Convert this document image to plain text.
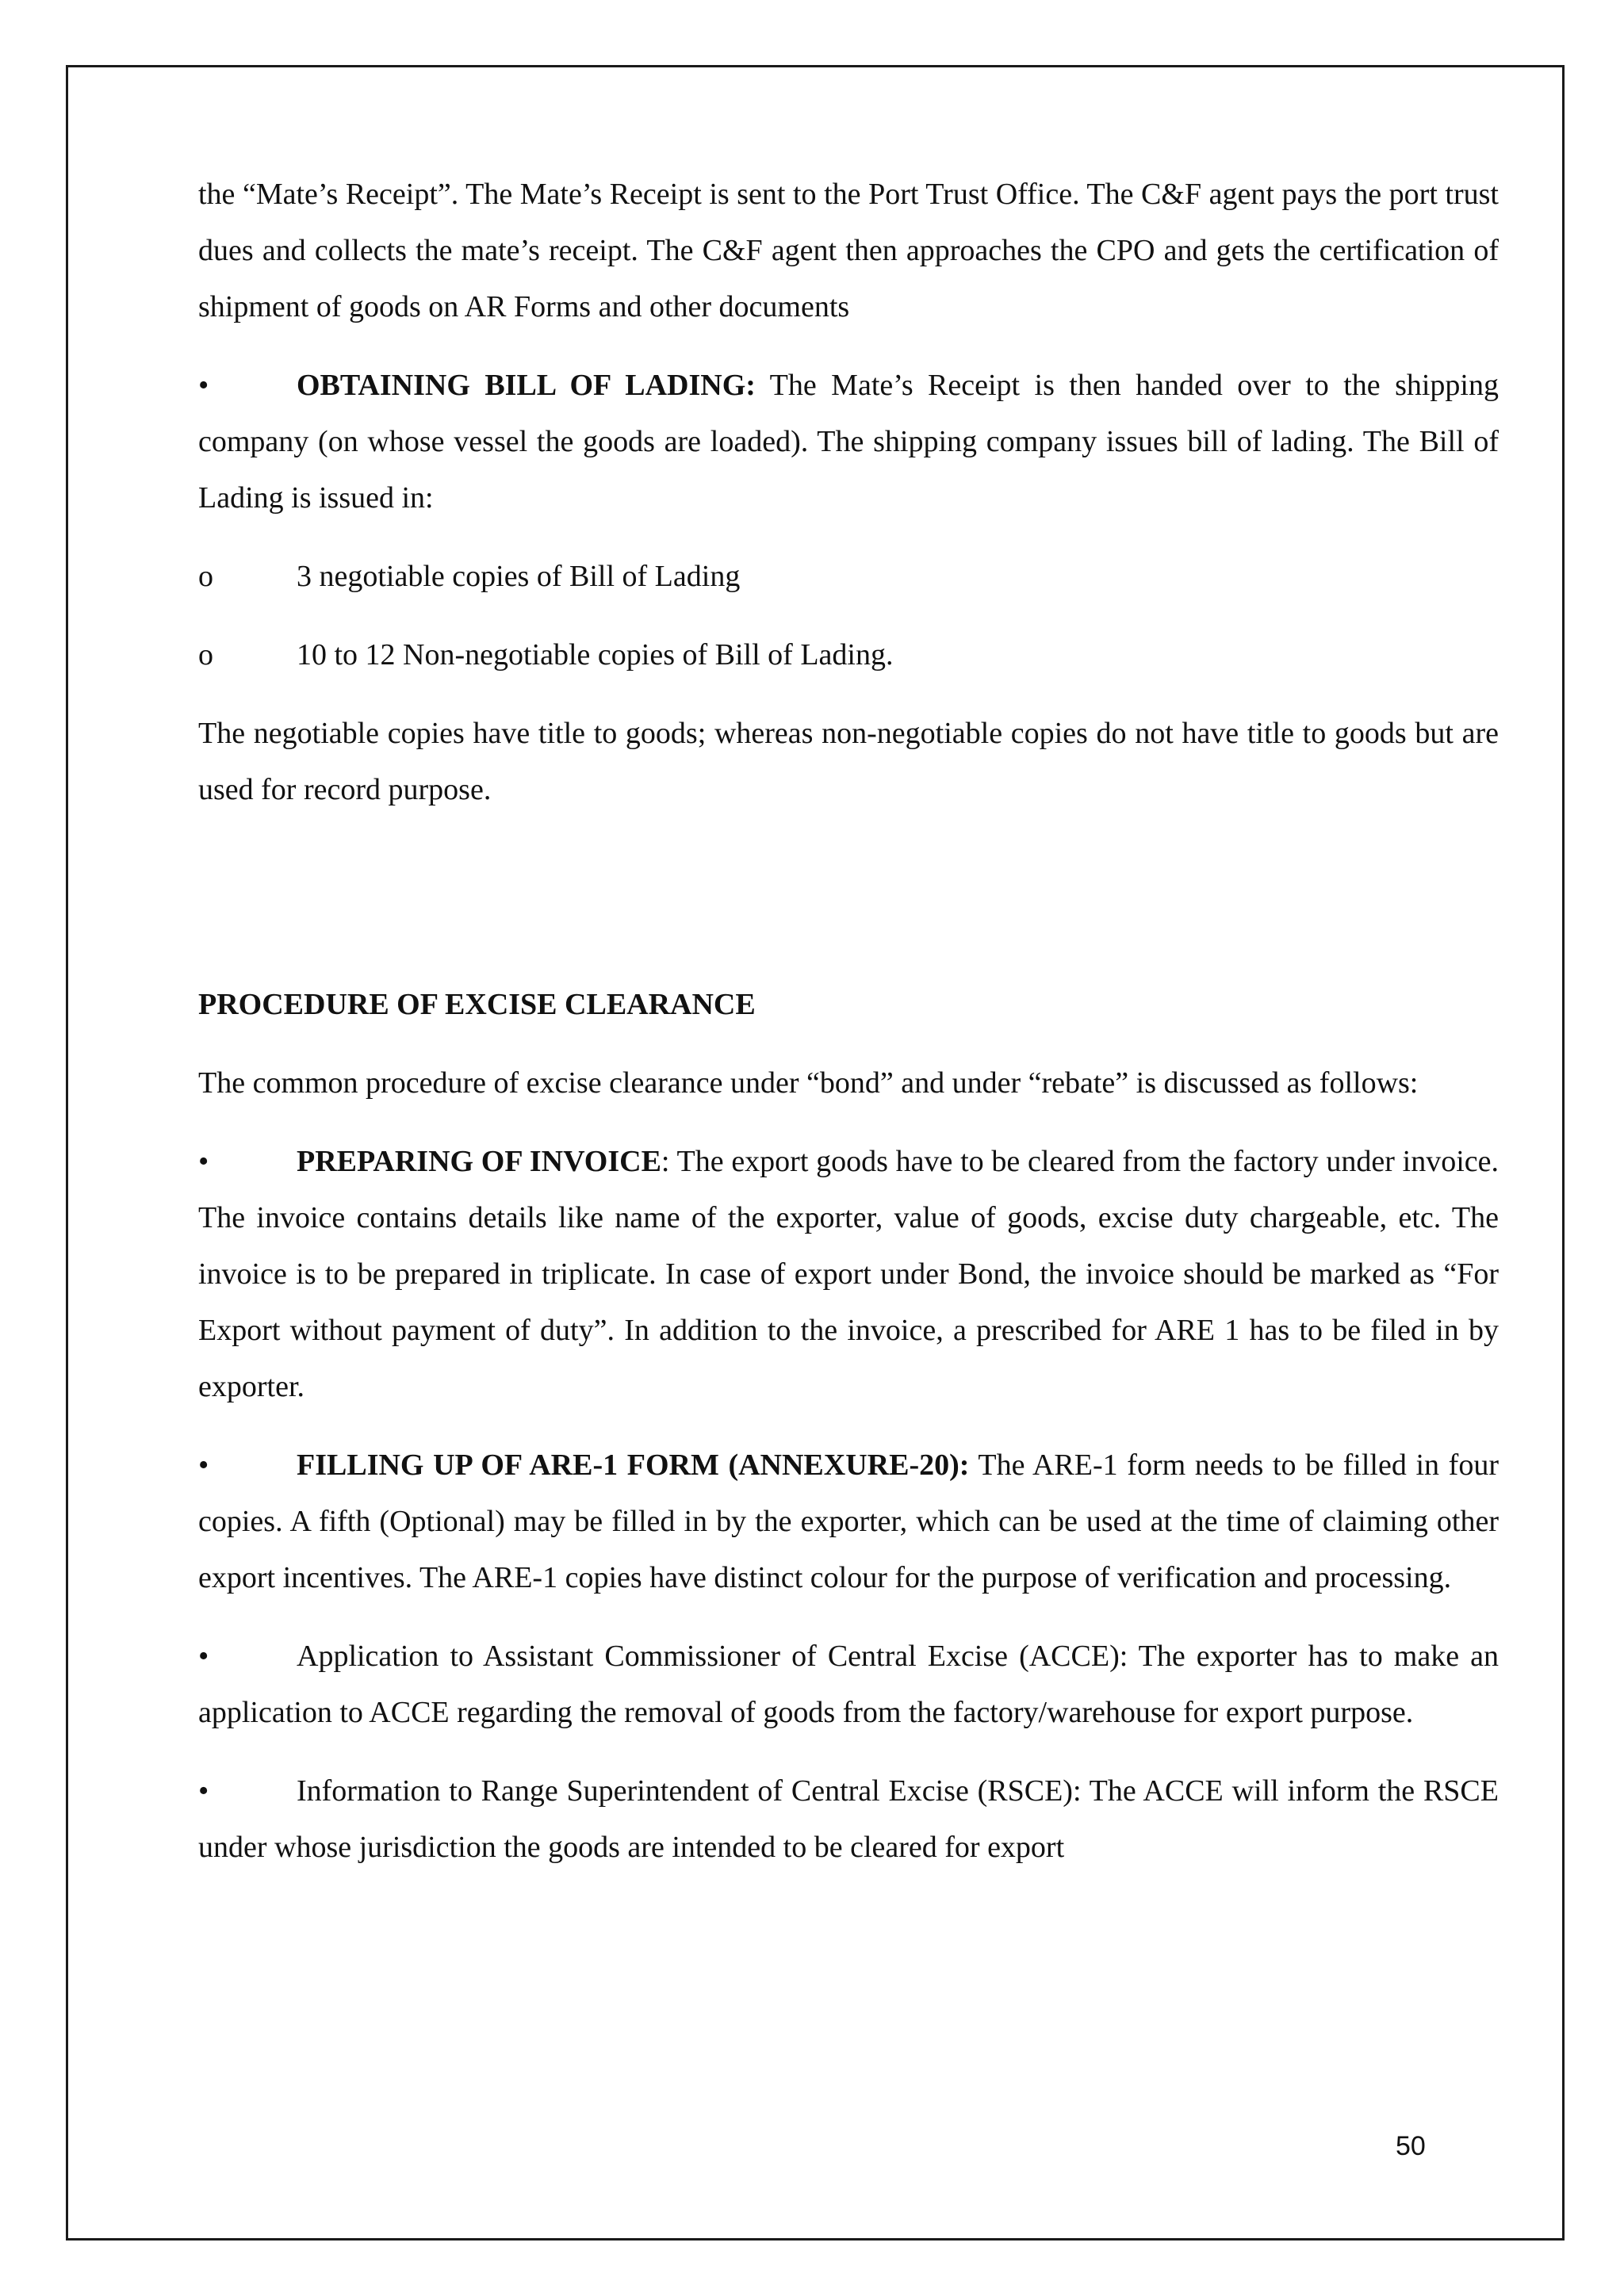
the “Mate’s Receipt”. The Mate’s Receipt is sent to the Port Trust Office. The C&F agent pays the port trust dues and collects the mate’s receipt. The C&F agent then approaches the CPO and gets the certification of shipment of goods on AR Forms and other documents

•	OBTAINING BILL OF LADING: The Mate’s Receipt is then handed over to the shipping company (on whose vessel the goods are loaded). The shipping company issues bill of lading. The Bill of Lading is issued in:

o	3 negotiable copies of Bill of Lading
o	10 to 12 Non-negotiable copies of Bill of Lading.

The negotiable copies have title to goods; whereas non-negotiable copies do not have title to goods but are used for record purpose.

PROCEDURE OF EXCISE CLEARANCE

The common procedure of excise clearance under “bond” and under “rebate” is discussed as follows:

•	PREPARING OF INVOICE: The export goods have to be cleared from the factory under invoice. The invoice contains details like name of the exporter, value of goods, excise duty chargeable, etc. The invoice is to be prepared in triplicate. In case of export under Bond, the invoice should be marked as “For Export without payment of duty”. In addition to the invoice, a prescribed for ARE 1 has to be filed in by exporter.

•	FILLING UP OF ARE-1 FORM (ANNEXURE-20): The ARE-1 form needs to be filled in four copies. A fifth (Optional) may be filled in by the exporter, which can be used at the time of claiming other export incentives. The ARE-1 copies have distinct colour for the purpose of verification and processing.

•	Application to Assistant Commissioner of Central Excise (ACCE): The exporter has to make an application to ACCE regarding the removal of goods from the factory/warehouse for export purpose.

•	Information to Range Superintendent of Central Excise (RSCE): The ACCE will inform the RSCE under whose jurisdiction the goods are intended to be cleared for export

50
